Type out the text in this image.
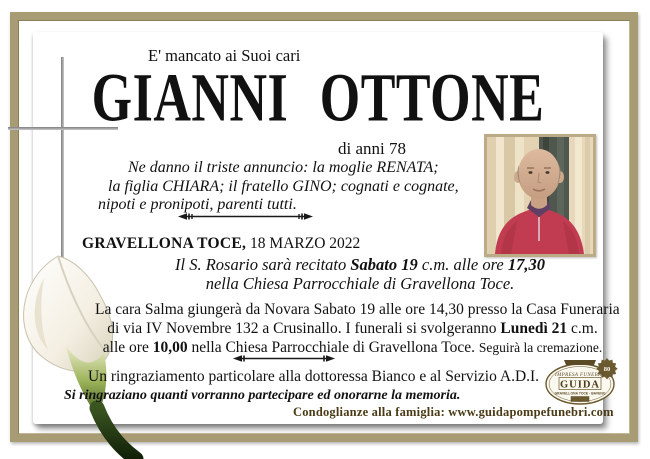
E' mancato ai Suoi cari
GIANNI OTTONE
di anni 78
Ne danno il triste annuncio: la moglie RENATA;
la figlia CHIARA; il fratello GINO; cognati e cognate,
nipoti e pronipoti, parenti tutti.
GRAVELLONA TOCE, 18 MARZO 2022
Il S. Rosario sarà recitato Sabato 19 c.m. alle ore 17,30
nella Chiesa Parrocchiale di Gravellona Toce.
La cara Salma giungerà da Novara Sabato 19 alle ore 14,30 presso la Casa Funeraria
di via IV Novembre 132 a Crusinallo. I funerali si svolgeranno Lunedì 21 c.m.
alle ore 10,00 nella Chiesa Parrocchiale di Gravellona Toce. Seguirà la cremazione.
Un ringraziamento particolare alla dottoressa Bianco e al Servizio A.D.I.
Si ringraziano quanti vorranno partecipare ed onorarne la memoria.
Condoglianze alla famiglia: www.guidapompefunebri.com
80
IMPRESA FUNEBRE
GUIDA
GRAVELLONA TOCE - BAVENO
